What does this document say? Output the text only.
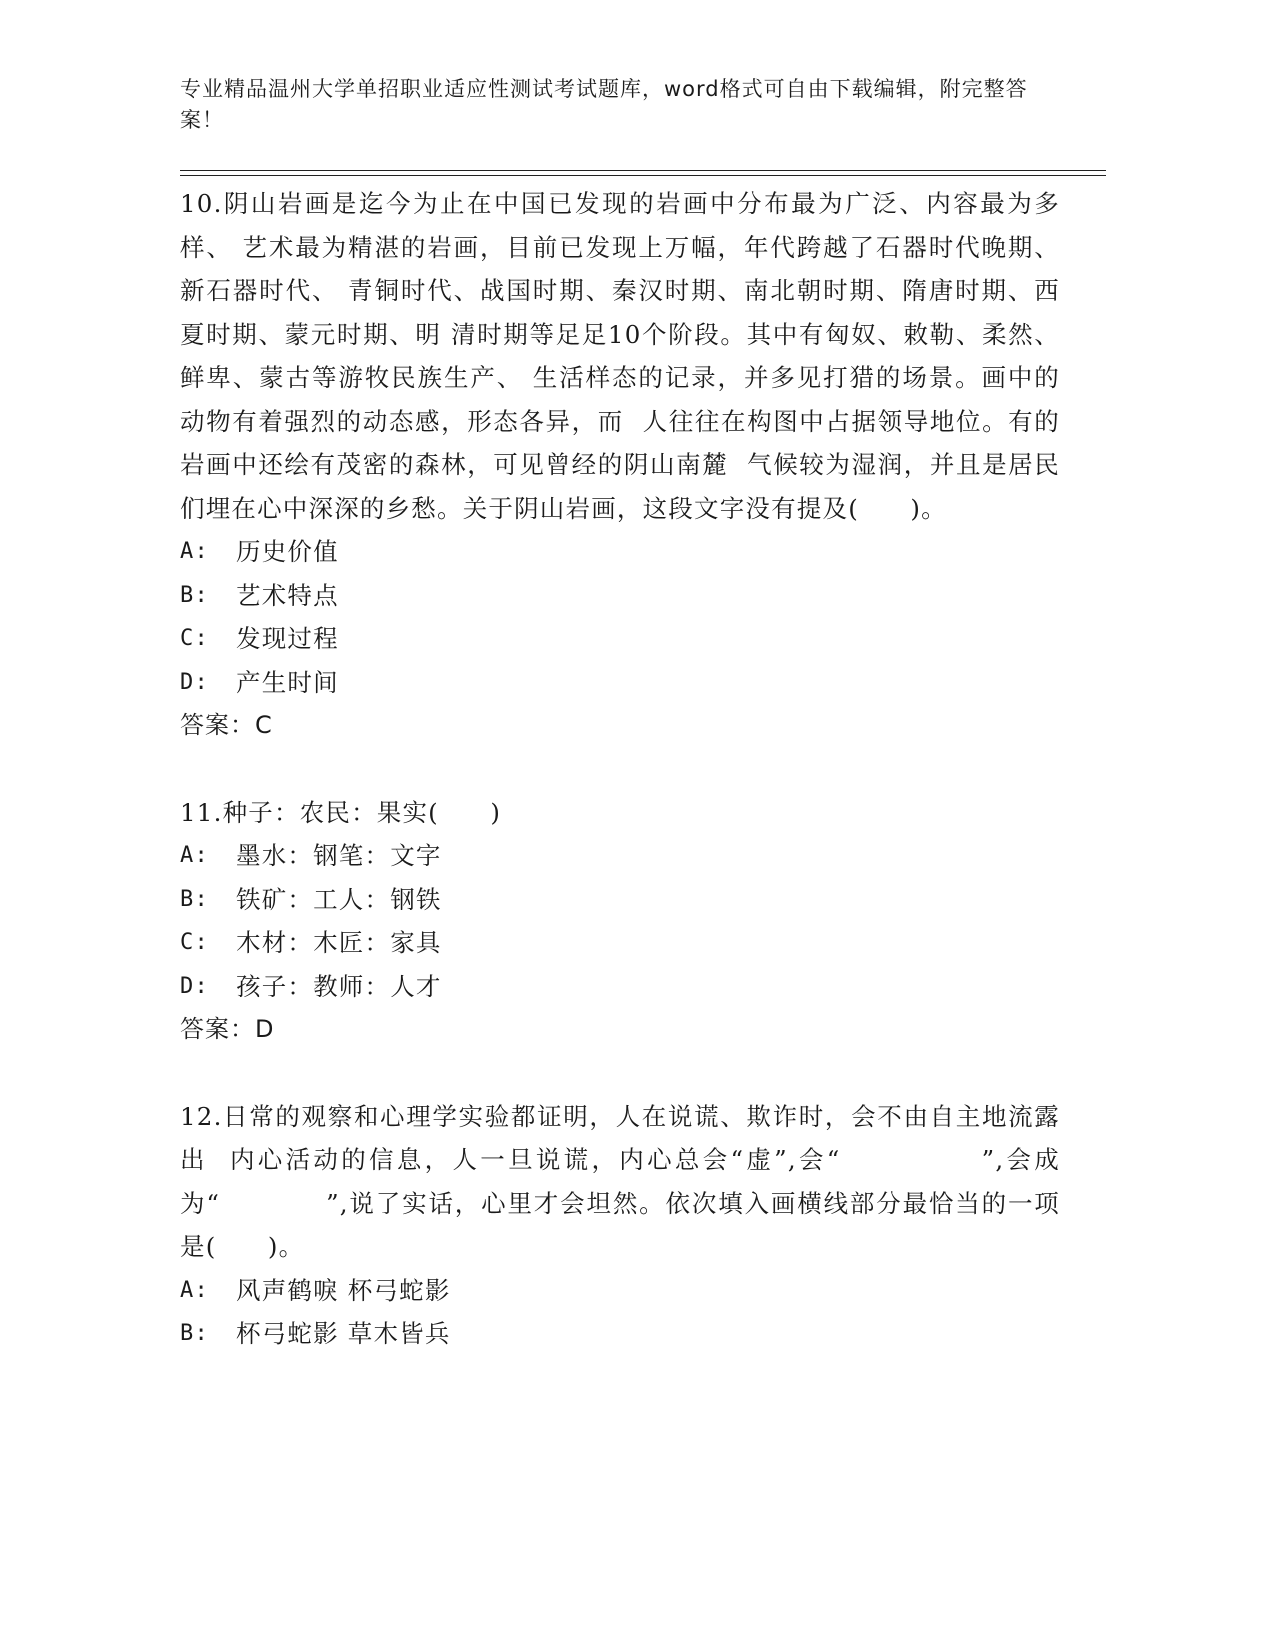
专业精品温州大学单招职业适应性测试考试题库，word格式可自由下载编辑，附完整答案！
10.阴山岩画是迄今为止在中国已发现的岩画中分布最为广泛、内容最为多样、 艺术最为精湛的岩画，目前已发现上万幅，年代跨越了石器时代晚期、新石器时代、 青铜时代、战国时期、秦汉时期、南北朝时期、隋唐时期、西夏时期、蒙元时期、明 清时期等足足10个阶段。其中有匈奴、敕勒、柔然、鲜卑、蒙古等游牧民族生产、 生活样态的记录，并多见打猎的场景。画中的动物有着强烈的动态感，形态各异，而  人往往在构图中占据领导地位。有的岩画中还绘有茂密的森林，可见曾经的阴山南麓  气候较为湿润，并且是居民们埋在心中深深的乡愁。关于阴山岩画，这段文字没有提及(　　)。
A:	历史价值
B:	艺术特点
C:	发现过程
D:	产生时间
答案：C
11.种子：农民：果实(　　)
A:	墨水：钢笔：文字
B:	铁矿：工人：钢铁
C:	木材：木匠：家具
D:	孩子：教师：人才
答案：D
12.日常的观察和心理学实验都证明，人在说谎、欺诈时，会不由自主地流露出  内心活动的信息，人一旦说谎，内心总会“虚”,会“　　　　　”,会成为“　　　　”,说了实话，心里才会坦然。依次填入画横线部分最恰当的一项是(　　)。
A:	风声鹤唳 杯弓蛇影
B:	杯弓蛇影 草木皆兵
